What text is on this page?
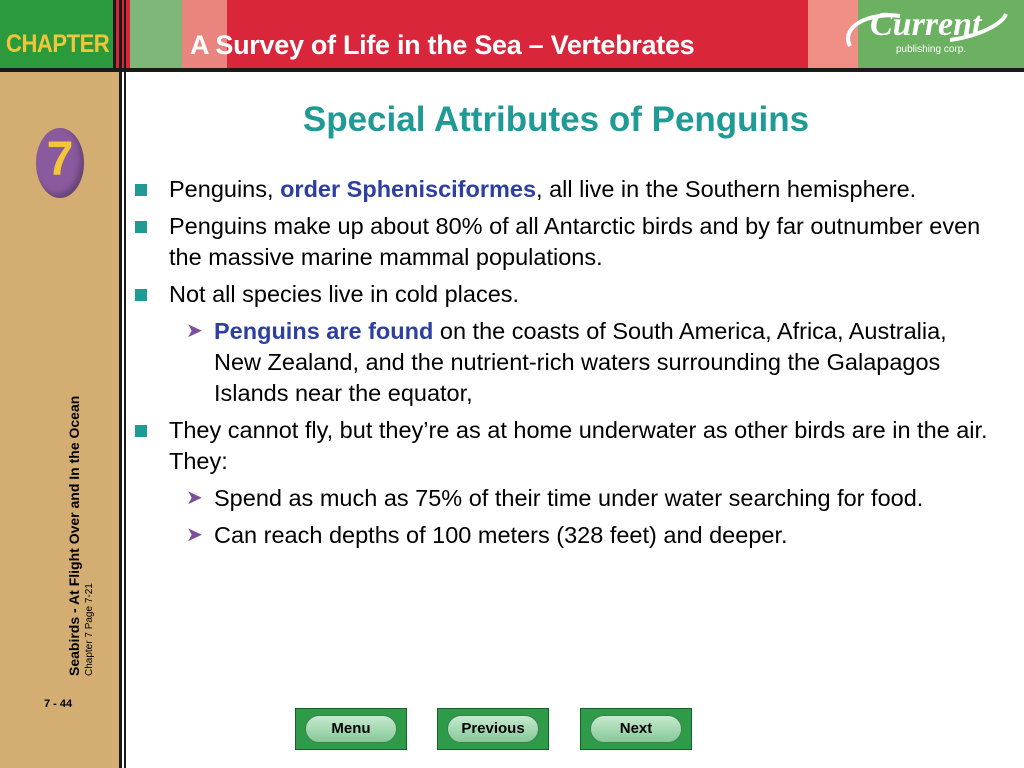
CHAPTER	A Survey of Life in the Sea – Vertebrates
Current
publishing corp.
7
Seabirds - At Flight Over and In the Ocean Chapter 7 Page 7-21
7 - 44
Special Attributes of Penguins
Penguins, order Sphenisciformes, all live in the Southern hemisphere.
Penguins make up about 80% of all Antarctic birds and by far outnumber even the massive marine mammal populations.
Not all species live in cold places.
➤ Penguins are found on the coasts of South America, Africa, Australia, New Zealand, and the nutrient-rich waters surrounding the Galapagos Islands near the equator,
They cannot fly, but they’re as at home underwater as other birds are in the air. They:
➤ Spend as much as 75% of their time under water searching for food.
➤ Can reach depths of 100 meters (328 feet) and deeper.
Menu	Previous	Next
